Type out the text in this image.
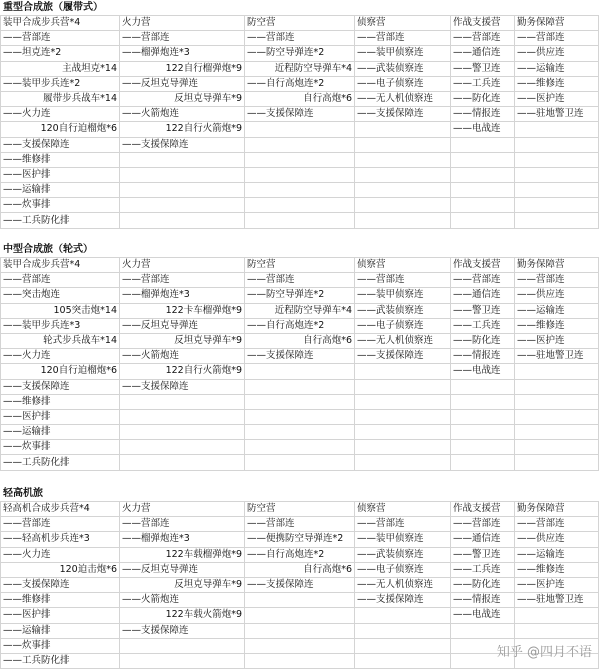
重型合成旅（履带式）
装甲合成步兵营*4	火力营	防空营	侦察营	作战支援营	勤务保障营
——营部连	——营部连	——营部连	——营部连	——营部连	——营部连
——坦克连*2	——榴弹炮连*3	——防空导弹连*2	——装甲侦察连	——通信连	——供应连
主战坦克*14	122自行榴弹炮*9	近程防空导弹车*4	——武装侦察连	——警卫连	——运输连
——装甲步兵连*2	——反坦克导弹连	——自行高炮连*2	——电子侦察连	——工兵连	——维修连
履带步兵战车*14	反坦克导弹车*9	自行高炮*6	——无人机侦察连	——防化连	——医护连
——火力连	——火箭炮连	——支援保障连	——支援保障连	——情报连	——驻地警卫连
120自行迫榴炮*6	122自行火箭炮*9			——电战连	
——支援保障连	——支援保障连				
——维修排					
——医护排					
——运输排					
——炊事排					
——工兵防化排					
中型合成旅（轮式）
装甲合成步兵营*4	火力营	防空营	侦察营	作战支援营	勤务保障营
——营部连	——营部连	——营部连	——营部连	——营部连	——营部连
——突击炮连	——榴弹炮连*3	——防空导弹连*2	——装甲侦察连	——通信连	——供应连
105突击炮*14	122卡车榴弹炮*9	近程防空导弹车*4	——武装侦察连	——警卫连	——运输连
——装甲步兵连*3	——反坦克导弹连	——自行高炮连*2	——电子侦察连	——工兵连	——维修连
轮式步兵战车*14	反坦克导弹车*9	自行高炮*6	——无人机侦察连	——防化连	——医护连
——火力连	——火箭炮连	——支援保障连	——支援保障连	——情报连	——驻地警卫连
120自行迫榴炮*6	122自行火箭炮*9			——电战连	
——支援保障连	——支援保障连				
——维修排					
——医护排					
——运输排					
——炊事排					
——工兵防化排					
轻高机旅
轻高机合成步兵营*4	火力营	防空营	侦察营	作战支援营	勤务保障营
——营部连	——营部连	——营部连	——营部连	——营部连	——营部连
——轻高机步兵连*3	——榴弹炮连*3	——便携防空导弹连*2	——装甲侦察连	——通信连	——供应连
——火力连	122车载榴弹炮*9	——自行高炮连*2	——武装侦察连	——警卫连	——运输连
120迫击炮*6	——反坦克导弹连	自行高炮*6	——电子侦察连	——工兵连	——维修连
——支援保障连	反坦克导弹车*9	——支援保障连	——无人机侦察连	——防化连	——医护连
——维修排	——火箭炮连		——支援保障连	——情报连	——驻地警卫连
——医护排	122车载火箭炮*9			——电战连	
——运输排	——支援保障连				
——炊事排					
——工兵防化排					
知乎 @四月不语
